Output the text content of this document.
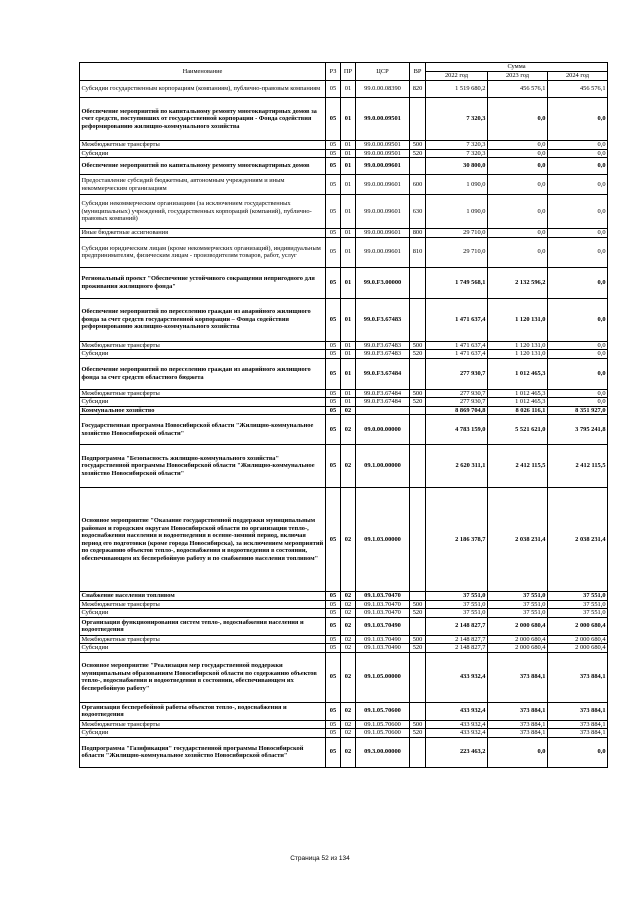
Наименование	РЗ	ПР	ЦСР	ВР	Сумма		
					2022 год	2023 год	2024 год
Субсидии государственным корпорациям (компаниям), публично-правовым компаниям	05	01	99.0.00.08390	820	1 519 680,2	456 576,1	456 576,1
Обеспечение мероприятий по капитальному ремонту многоквартирных домов за счет средств, поступивших от государственной корпорации - Фонда содействия реформированию жилищно-коммунального хозяйства	05	01	99.0.00.09501		7 320,3	0,0	0,0
Межбюджетные трансферты	05	01	99.0.00.09501	500	7 320,3	0,0	0,0
Субсидии	05	01	99.0.00.09501	520	7 320,3	0,0	0,0
Обеспечение мероприятий по капитальному ремонту многоквартирных домов	05	01	99.0.00.09601		30 800,0	0,0	0,0
Предоставление субсидий бюджетным, автономным учреждениям и иным некоммерческим организациям	05	01	99.0.00.09601	600	1 090,0	0,0	0,0
Субсидии некоммерческим организациям (за исключением государственных (муниципальных) учреждений, государственных корпораций (компаний), публично-правовых компаний)	05	01	99.0.00.09601	630	1 090,0	0,0	0,0
Иные бюджетные ассигнования	05	01	99.0.00.09601	800	29 710,0	0,0	0,0
Субсидии юридическим лицам (кроме некоммерческих организаций), индивидуальным предпринимателям, физическим лицам - производителям товаров, работ, услуг	05	01	99.0.00.09601	810	29 710,0	0,0	0,0
Региональный проект "Обеспечение устойчивого сокращения непригодного для проживания жилищного фонда"	05	01	99.0.F3.00000		1 749 568,1	2 132 596,2	0,0
Обеспечение мероприятий по переселению граждан из аварийного жилищного фонда за счет средств государственной корпорации – Фонда содействия реформированию жилищно-коммунального хозяйства	05	01	99.0.F3.67483		1 471 637,4	1 120 131,0	0,0
Межбюджетные трансферты	05	01	99.0.F3.67483	500	1 471 637,4	1 120 131,0	0,0
Субсидии	05	01	99.0.F3.67483	520	1 471 637,4	1 120 131,0	0,0
Обеспечение мероприятий по переселению граждан из аварийного жилищного фонда за счет средств областного бюджета	05	01	99.0.F3.67484		277 930,7	1 012 465,3	0,0
Межбюджетные трансферты	05	01	99.0.F3.67484	500	277 930,7	1 012 465,3	0,0
Субсидии	05	01	99.0.F3.67484	520	277 930,7	1 012 465,3	0,0
Коммунальное хозяйство	05	02			8 869 704,8	8 026 116,1	8 351 927,0
Государственная программа Новосибирской области "Жилищно-коммунальное хозяйство Новосибирской области"	05	02	09.0.00.00000		4 783 159,0	5 521 621,0	3 795 241,8
Подпрограмма "Безопасность жилищно-коммунального хозяйства" государственной программы Новосибирской области "Жилищно-коммунальное хозяйство Новосибирской области"	05	02	09.1.00.00000		2 620 311,1	2 412 115,5	2 412 115,5
Основное мероприятие "Оказание государственной поддержки муниципальным районам и городским округам Новосибирской области по организации тепло-, водоснабжения населения и водоотведения в осенне-зимний период, включая период его подготовки (кроме города Новосибирска), за исключением мероприятий по содержанию объектов тепло-, водоснабжения и водоотведения в состоянии, обеспечивающем их бесперебойную работу и по снабжению населения топливом"	05	02	09.1.03.00000		2 186 378,7	2 038 231,4	2 038 231,4
Снабжение населения топливом	05	02	09.1.03.70470		37 551,0	37 551,0	37 551,0
Межбюджетные трансферты	05	02	09.1.03.70470	500	37 551,0	37 551,0	37 551,0
Субсидии	05	02	09.1.03.70470	520	37 551,0	37 551,0	37 551,0
Организация функционирования систем тепло-, водоснабжения населения и водоотведения	05	02	09.1.03.70490		2 148 827,7	2 000 680,4	2 000 680,4
Межбюджетные трансферты	05	02	09.1.03.70490	500	2 148 827,7	2 000 680,4	2 000 680,4
Субсидии	05	02	09.1.03.70490	520	2 148 827,7	2 000 680,4	2 000 680,4
Основное мероприятие "Реализация мер государственной поддержки муниципальным образованиям Новосибирской области по содержанию объектов тепло-, водоснабжения и водоотведения в состоянии, обеспечивающем их бесперебойную работу"	05	02	09.1.05.00000		433 932,4	373 884,1	373 884,1
Организация бесперебойной работы объектов тепло-, водоснабжения и водоотведения	05	02	09.1.05.70600		433 932,4	373 884,1	373 884,1
Межбюджетные трансферты	05	02	09.1.05.70600	500	433 932,4	373 884,1	373 884,1
Субсидии	05	02	09.1.05.70600	520	433 932,4	373 884,1	373 884,1
Подпрограмма "Газификация" государственной программы Новосибирской области "Жилищно-коммунальное хозяйство Новосибирской области"	05	02	09.3.00.00000		223 463,2	0,0	0,0
Страница 52 из 134
